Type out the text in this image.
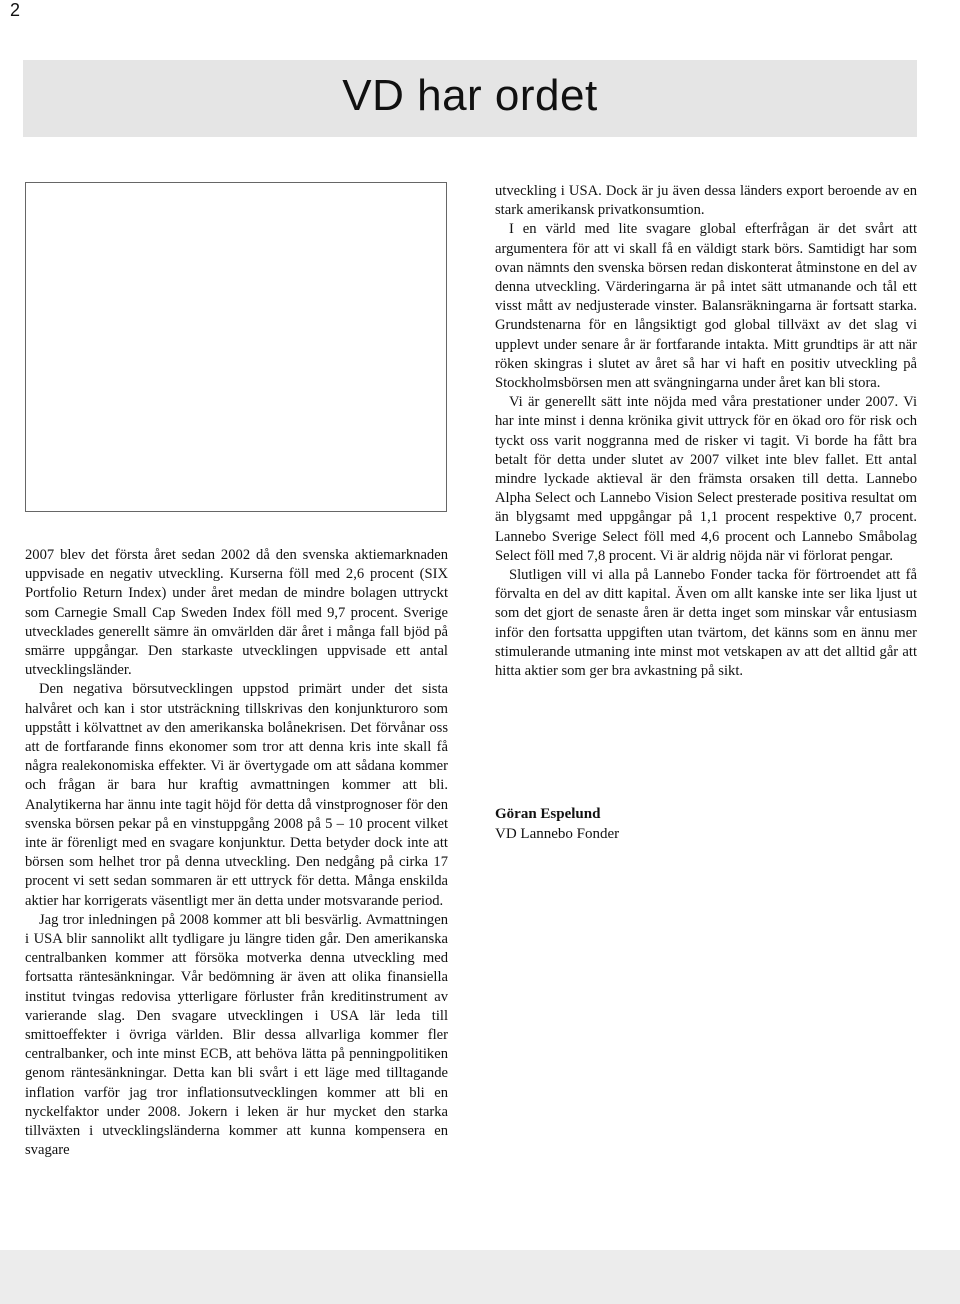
2
VD har ordet

2007 blev det första året sedan 2002 då den svenska aktiemarknaden uppvisade en negativ utveckling. Kurserna föll med 2,6 procent (SIX Portfolio Return Index) under året medan de mindre bolagen uttryckt som Carnegie Small Cap Sweden Index föll med 9,7 procent. Sverige utvecklades generellt sämre än omvärlden där året i många fall bjöd på smärre uppgångar. Den starkaste utvecklingen uppvisade ett antal utvecklingsländer.

Den negativa börsutvecklingen uppstod primärt under det sista halvåret och kan i stor utsträckning tillskrivas den konjunkturoro som uppstått i kölvattnet av den amerikanska bolånekrisen. Det förvånar oss att de fortfarande finns ekonomer som tror att denna kris inte skall få några realekonomiska effekter. Vi är övertygade om att sådana kommer och frågan är bara hur kraftig avmattningen kommer att bli. Analytikerna har ännu inte tagit höjd för detta då vinstprognoser för den svenska börsen pekar på en vinstuppgång 2008 på 5 – 10 procent vilket inte är förenligt med en svagare konjunktur. Detta betyder dock inte att börsen som helhet tror på denna utveckling. Den nedgång på cirka 17 procent vi sett sedan sommaren är ett uttryck för detta. Många enskilda aktier har korrigerats väsentligt mer än detta under motsvarande period.

Jag tror inledningen på 2008 kommer att bli besvärlig. Avmattningen i USA blir sannolikt allt tydligare ju längre tiden går. Den amerikanska centralbanken kommer att försöka motverka denna utveckling med fortsatta räntesänkningar. Vår bedömning är även att olika finansiella institut tvingas redovisa ytterligare förluster från kreditinstrument av varierande slag. Den svagare utvecklingen i USA lär leda till smittoeffekter i övriga världen. Blir dessa allvarliga kommer fler centralbanker, och inte minst ECB, att behöva lätta på penningpolitiken genom räntesänkningar. Detta kan bli svårt i ett läge med tilltagande inflation varför jag tror inflationsutvecklingen kommer att bli en nyckelfaktor under 2008. Jokern i leken är hur mycket den starka tillväxten i utvecklingsländerna kommer att kunna kompensera en svagare

utveckling i USA. Dock är ju även dessa länders export beroende av en stark amerikansk privatkonsumtion.

I en värld med lite svagare global efterfrågan är det svårt att argumentera för att vi skall få en väldigt stark börs. Samtidigt har som ovan nämnts den svenska börsen redan diskonterat åtminstone en del av denna utveckling. Värderingarna är på intet sätt utmanande och tål ett visst mått av nedjusterade vinster. Balansräkningarna är fortsatt starka. Grundstenarna för en långsiktigt god global tillväxt av det slag vi upplevt under senare år är fortfarande intakta. Mitt grundtips är att när röken skingras i slutet av året så har vi haft en positiv utveckling på Stockholmsbörsen men att svängningarna under året kan bli stora.

Vi är generellt sätt inte nöjda med våra prestationer under 2007. Vi har inte minst i denna krönika givit uttryck för en ökad oro för risk och tyckt oss varit noggranna med de risker vi tagit. Vi borde ha fått bra betalt för detta under slutet av 2007 vilket inte blev fallet. Ett antal mindre lyckade aktieval är den främsta orsaken till detta. Lannebo Alpha Select och Lannebo Vision Select presterade positiva resultat om än blygsamt med uppgångar på 1,1 procent respektive 0,7 procent. Lannebo Sverige Select föll med 4,6 procent och Lannebo Småbolag Select föll med 7,8 procent. Vi är aldrig nöjda när vi förlorat pengar.

Slutligen vill vi alla på Lannebo Fonder tacka för förtroendet att få förvalta en del av ditt kapital. Även om allt kanske inte ser lika ljust ut som det gjort de senaste åren är detta inget som minskar vår entusiasm inför den fortsatta uppgiften utan tvärtom, det känns som en ännu mer stimulerande utmaning inte minst mot vetskapen av att det alltid går att hitta aktier som ger bra avkastning på sikt.

Göran Espelund
VD Lannebo Fonder
